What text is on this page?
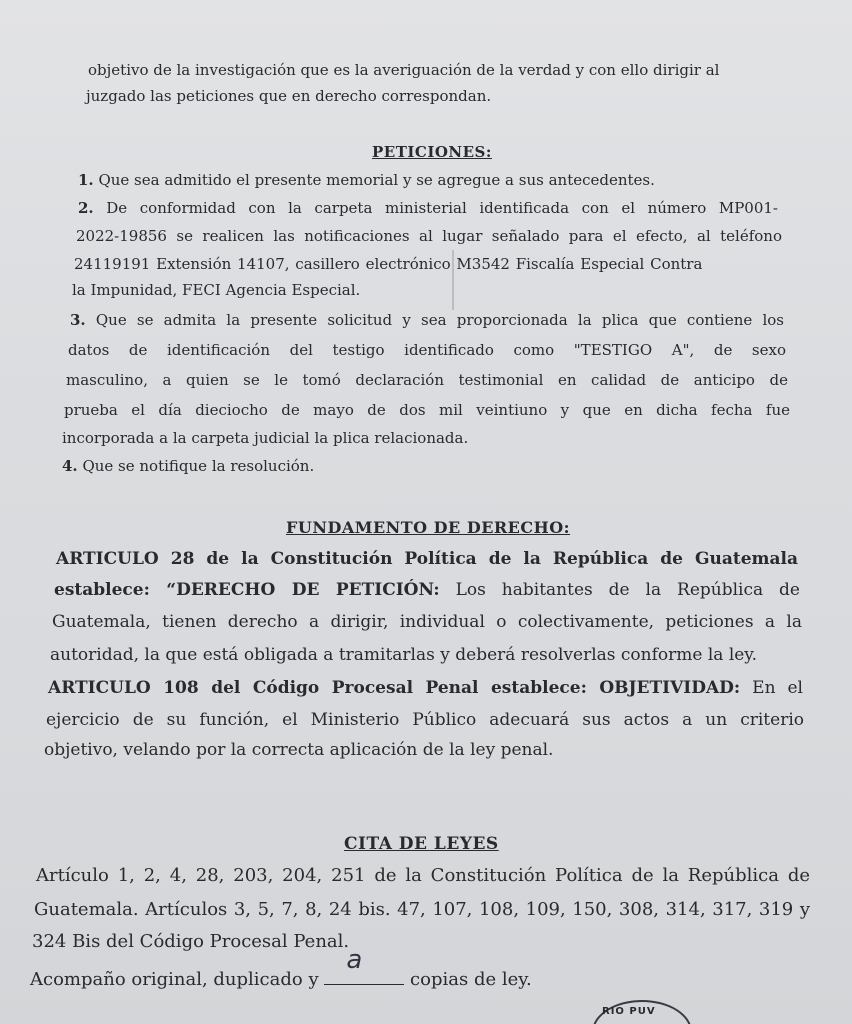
objetivo de la investigación que es la averiguación de la verdad y con ello dirigir al
juzgado las peticiones que en derecho correspondan.
PETICIONES:
1. Que sea admitido el presente memorial y se agregue a sus antecedentes.
2. De conformidad con la carpeta ministerial identificada con el número MP001-
2022-19856 se realicen las notificaciones al lugar señalado para el efecto, al teléfono
24119191 Extensión 14107, casillero electrónico M3542 Fiscalía Especial Contra
la Impunidad, FECI Agencia Especial.
3. Que se admita la presente solicitud y sea proporcionada la plica que contiene los
datos de identificación del testigo identificado como "TESTIGO A", de sexo
masculino, a quien se le tomó declaración testimonial en calidad de anticipo de
prueba el día dieciocho de mayo de dos mil veintiuno y que en dicha fecha fue
incorporada a la carpeta judicial la plica relacionada.
4. Que se notifique la resolución.
FUNDAMENTO DE DERECHO:
ARTICULO 28 de la Constitución Política de la República de Guatemala
establece: “DERECHO DE PETICIÓN: Los habitantes de la República de
Guatemala, tienen derecho a dirigir, individual o colectivamente, peticiones a la
autoridad, la que está obligada a tramitarlas y deberá resolverlas conforme la ley.
ARTICULO 108 del Código Procesal Penal establece: OBJETIVIDAD: En el
ejercicio de su función, el Ministerio Público adecuará sus actos a un criterio
objetivo, velando por la correcta aplicación de la ley penal.
CITA DE LEYES
Artículo 1, 2, 4, 28, 203, 204, 251 de la Constitución Política de la República de
Guatemala. Artículos 3, 5, 7, 8, 24 bis. 47, 107, 108, 109, 150, 308, 314, 317, 319 y
324 Bis del Código Procesal Penal.
Acompaño original, duplicado y
a
copias de ley.
RIO PUV
